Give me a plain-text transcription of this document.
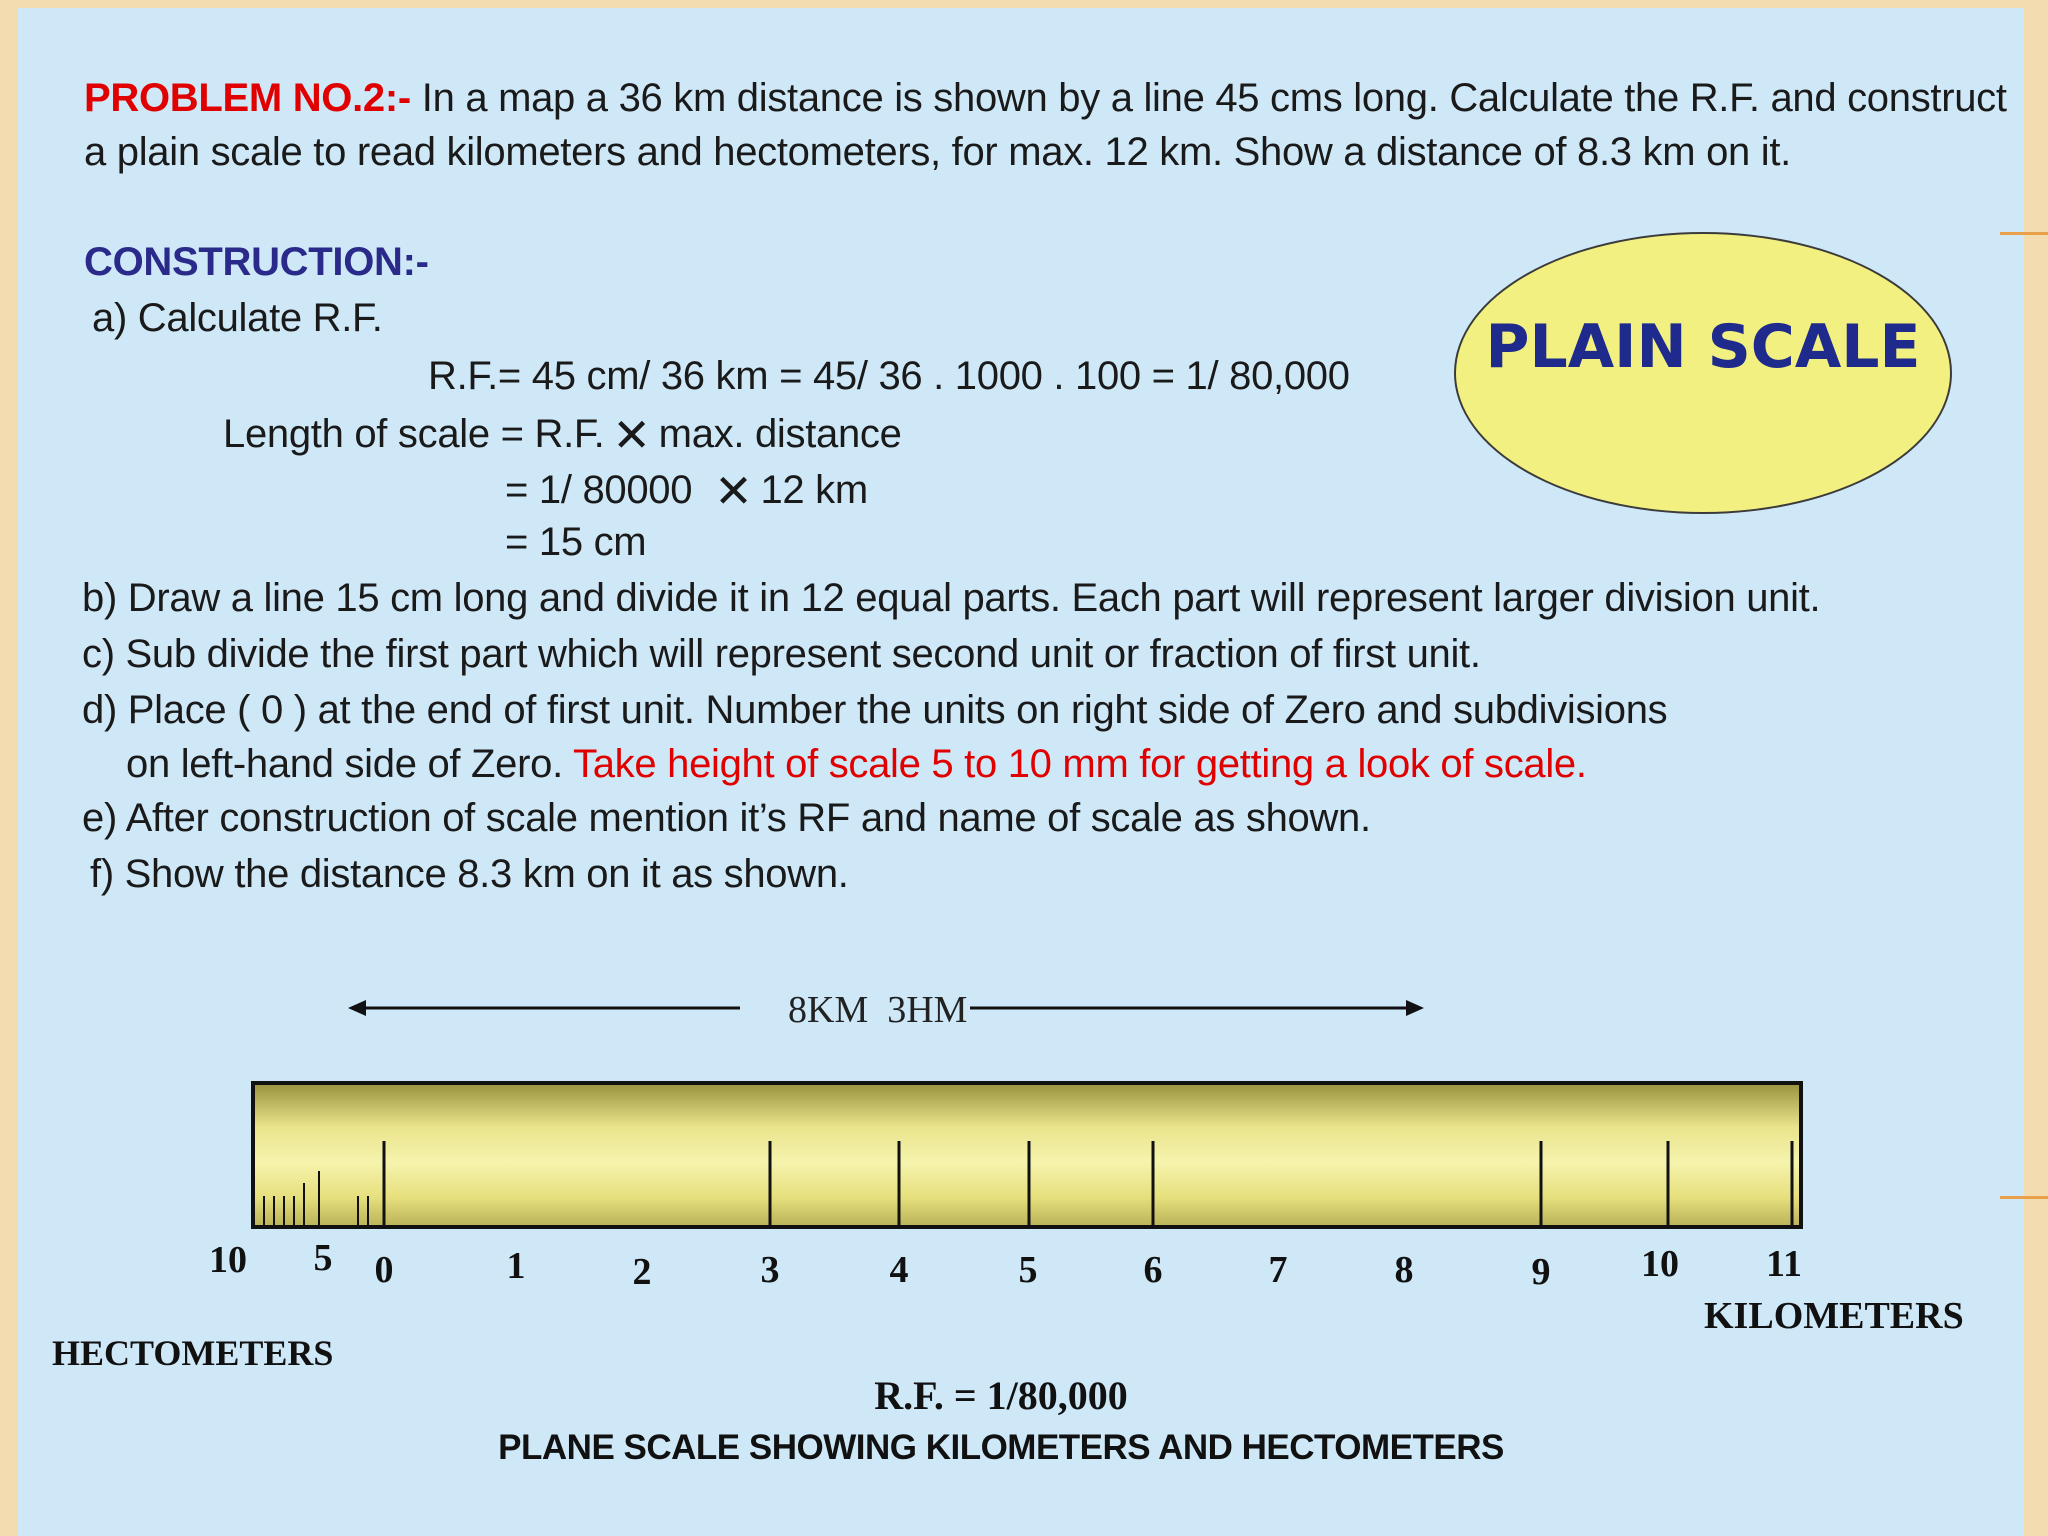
PROBLEM NO.2:- In a map a 36 km distance is shown by a line 45 cms long. Calculate the R.F. and construct
a plain scale to read kilometers and hectometers, for max. 12 km. Show a distance of 8.3 km on it.
CONSTRUCTION:-
a) Calculate R.F.
R.F.= 45 cm/ 36 km = 45/ 36 . 1000 . 100 = 1/ 80,000
Length of scale = R.F. ✕ max. distance
= 1/ 80000 ✕ 12 km
= 15 cm
b) Draw a line 15 cm long and divide it in 12 equal parts. Each part will represent larger division unit.
c) Sub divide the first part which will represent second unit or fraction of first unit.
d) Place ( 0 ) at the end of first unit. Number the units on right side of Zero and subdivisions
on left-hand side of Zero. Take height of scale 5 to 10 mm for getting a look of scale.
e) After construction of scale mention it’s RF and name of scale as shown.
f) Show the distance 8.3 km on it as shown.
PLAIN SCALE
8KM  3HM
10	5	0	1	2	3	4	5	6	7	8	9	10	11
KILOMETERS
HECTOMETERS
R.F. = 1/80,000
PLANE SCALE SHOWING KILOMETERS AND HECTOMETERS
